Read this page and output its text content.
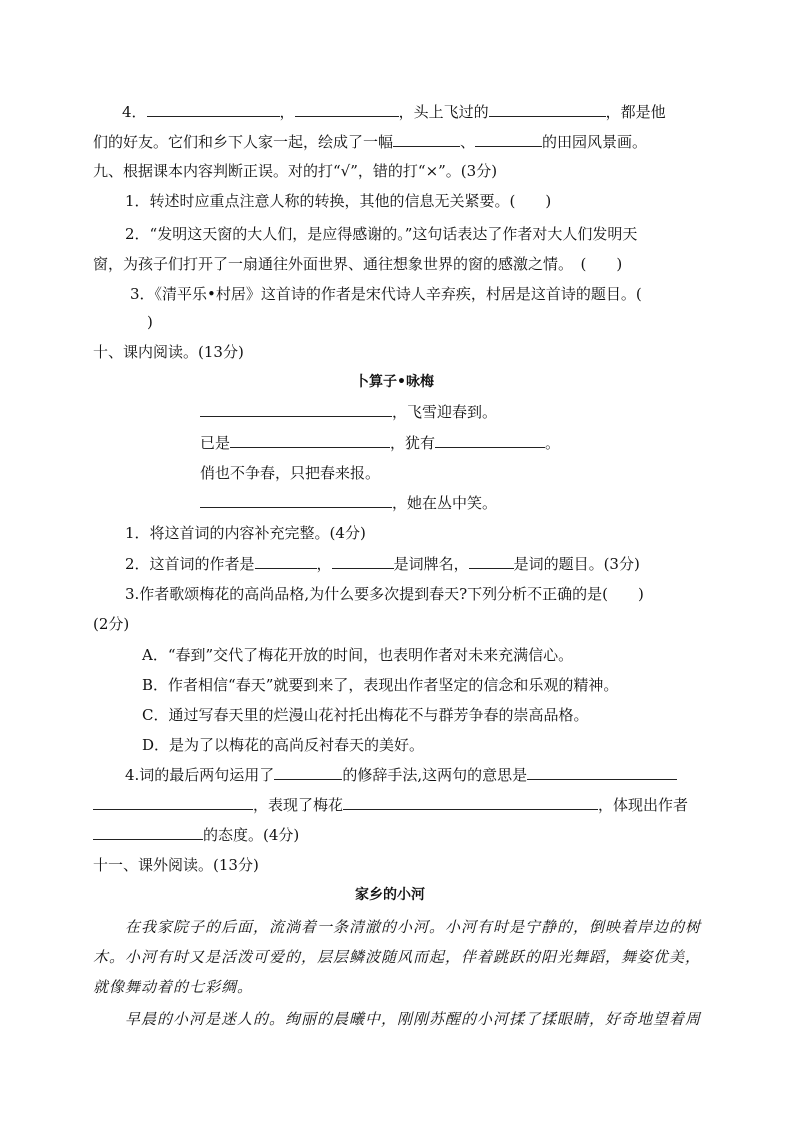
4．	，	，头上飞过的	，都是他
们的好友。它们和乡下人家一起，绘成了一幅	、	的田园风景画。
九、根据课本内容判断正误。对的打“√”，错的打“×”。(3分)
1．转述时应重点注意人称的转换，其他的信息无关紧要。(　　)
2．“发明这天窗的大人们，是应得感谢的。”这句话表达了作者对大人们发明天
窗，为孩子们打开了一扇通往外面世界、通往想象世界的窗的感激之情。　(　　)
3．《清平乐•村居》这首诗的作者是宋代诗人辛弃疾，村居是这首诗的题目。(
)
十、课内阅读。(13分)
卜算子•咏梅
，飞雪迎春到。
已是	，犹有	。
俏也不争春，只把春来报。
，她在丛中笑。
1．将这首词的内容补充完整。(4分)
2．这首词的作者是	，	是词牌名，	是词的题目。(3分)
3.作者歌颂梅花的高尚品格,为什么要多次提到春天?下列分析不正确的是(　　)
(2分)
A．“春到”交代了梅花开放的时间，也表明作者对未来充满信心。
B．作者相信“春天”就要到来了，表现出作者坚定的信念和乐观的精神。
C．通过写春天里的烂漫山花衬托出梅花不与群芳争春的崇高品格。
D．是为了以梅花的高尚反衬春天的美好。
4.词的最后两句运用了	的修辞手法,这两句的意思是
，表现了梅花	，体现出作者
的态度。(4分)
十一、课外阅读。(13分)
家乡的小河
在我家院子的后面，流淌着一条清澈的小河。小河有时是宁静的，倒映着岸边的树
木。小河有时又是活泼可爱的，层层鳞波随风而起，伴着跳跃的阳光舞蹈，舞姿优美，
就像舞动着的七彩绸。
早晨的小河是迷人的。绚丽的晨曦中，刚刚苏醒的小河揉了揉眼睛，好奇地望着周
